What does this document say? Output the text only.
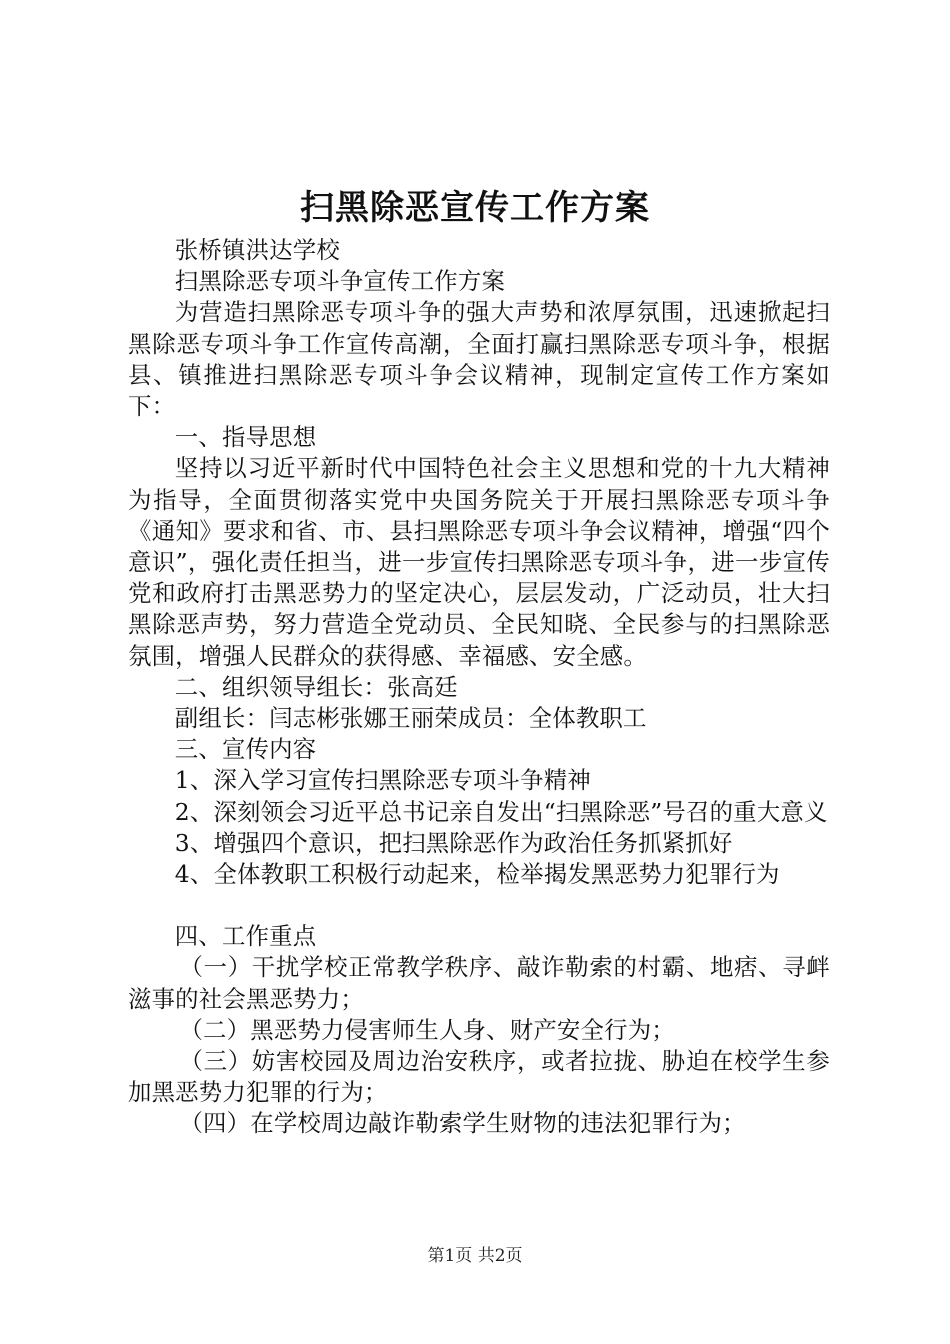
扫黑除恶宣传工作方案

张桥镇洪达学校

扫黑除恶专项斗争宣传工作方案

为营造扫黑除恶专项斗争的强大声势和浓厚氛围，迅速掀起扫黑除恶专项斗争工作宣传高潮，全面打赢扫黑除恶专项斗争，根据县、镇推进扫黑除恶专项斗争会议精神，现制定宣传工作方案如下：

一、指导思想

坚持以习近平新时代中国特色社会主义思想和党的十九大精神为指导，全面贯彻落实党中央国务院关于开展扫黑除恶专项斗争《通知》要求和省、市、县扫黑除恶专项斗争会议精神，增强“四个意识”，强化责任担当，进一步宣传扫黑除恶专项斗争，进一步宣传党和政府打击黑恶势力的坚定决心，层层发动，广泛动员，壮大扫黑除恶声势，努力营造全党动员、全民知晓、全民参与的扫黑除恶氛围，增强人民群众的获得感、幸福感、安全感。

二、组织领导组长：张高廷

副组长：闫志彬张娜王丽荣成员：全体教职工

三、宣传内容

1、深入学习宣传扫黑除恶专项斗争精神

2、深刻领会习近平总书记亲自发出“扫黑除恶”号召的重大意义

3、增强四个意识，把扫黑除恶作为政治任务抓紧抓好

4、全体教职工积极行动起来，检举揭发黑恶势力犯罪行为

四、工作重点

（一）干扰学校正常教学秩序、敲诈勒索的村霸、地痞、寻衅滋事的社会黑恶势力；

（二）黑恶势力侵害师生人身、财产安全行为；

（三）妨害校园及周边治安秩序，或者拉拢、胁迫在校学生参加黑恶势力犯罪的行为；

（四）在学校周边敲诈勒索学生财物的违法犯罪行为；

第1页 共2页
